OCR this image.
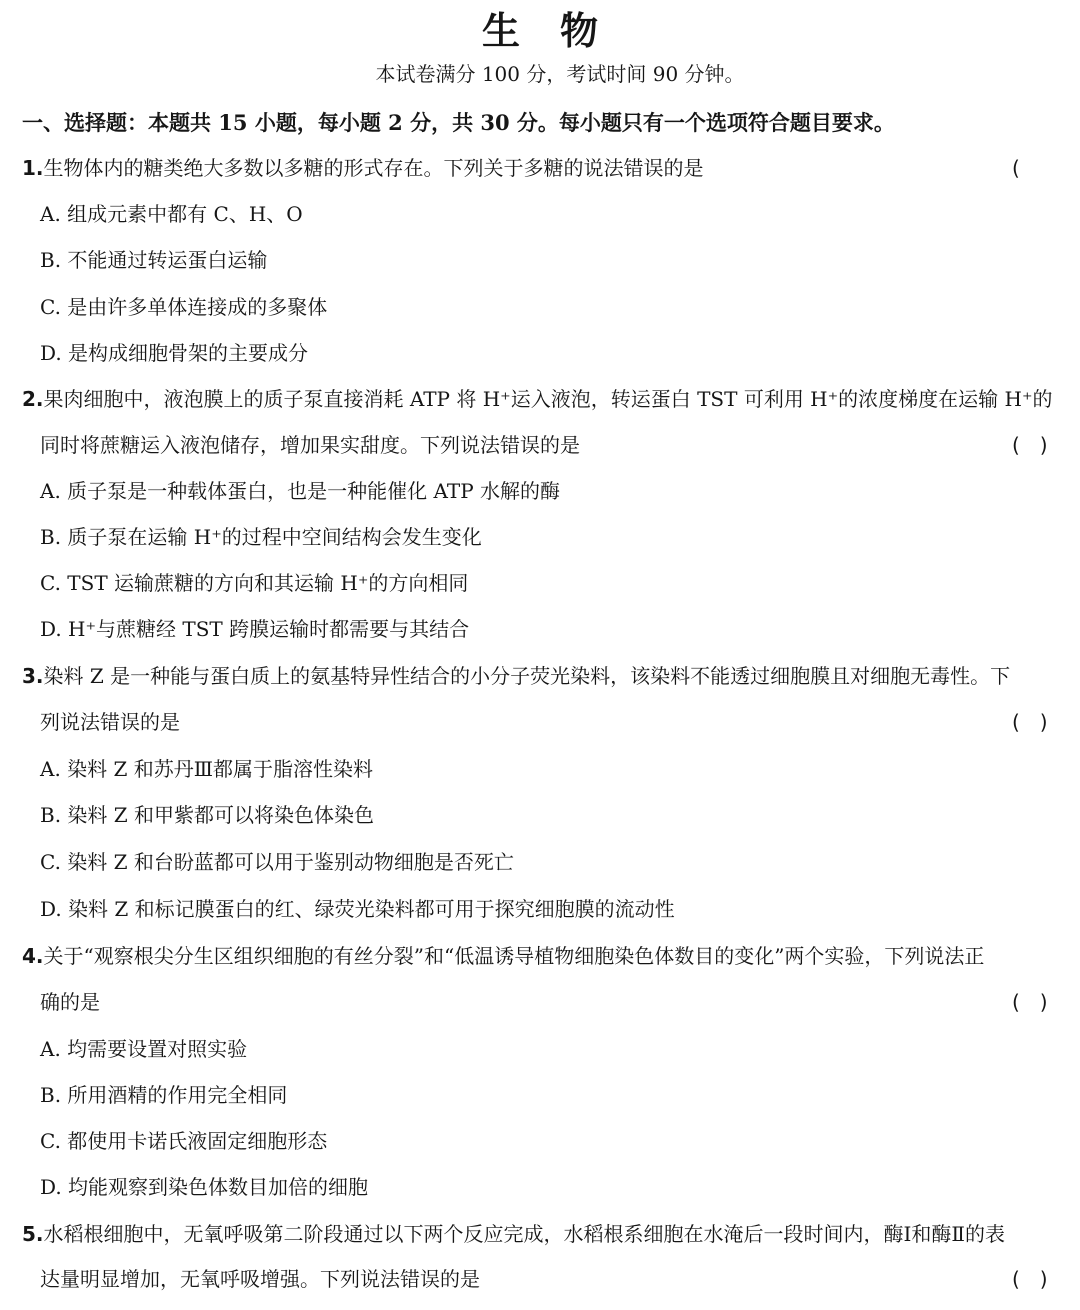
生物
本试卷满分 100 分，考试时间 90 分钟。
一、选择题：本题共 15 小题，每小题 2 分，共 30 分。每小题只有一个选项符合题目要求。
1.生物体内的糖类绝大多数以多糖的形式存在。下列关于多糖的说法错误的是	(
A. 组成元素中都有 C、H、O
B. 不能通过转运蛋白运输
C. 是由许多单体连接成的多聚体
D. 是构成细胞骨架的主要成分
2.果肉细胞中，液泡膜上的质子泵直接消耗 ATP 将 H⁺运入液泡，转运蛋白 TST 可利用 H⁺的浓度梯度在运输 H⁺的
同时将蔗糖运入液泡储存，增加果实甜度。下列说法错误的是	(　)
A. 质子泵是一种载体蛋白，也是一种能催化 ATP 水解的酶
B. 质子泵在运输 H⁺的过程中空间结构会发生变化
C. TST 运输蔗糖的方向和其运输 H⁺的方向相同
D. H⁺与蔗糖经 TST 跨膜运输时都需要与其结合
3.染料 Z 是一种能与蛋白质上的氨基特异性结合的小分子荧光染料，该染料不能透过细胞膜且对细胞无毒性。下
列说法错误的是	(　)
A. 染料 Z 和苏丹Ⅲ都属于脂溶性染料
B. 染料 Z 和甲紫都可以将染色体染色
C. 染料 Z 和台盼蓝都可以用于鉴别动物细胞是否死亡
D. 染料 Z 和标记膜蛋白的红、绿荧光染料都可用于探究细胞膜的流动性
4.关于“观察根尖分生区组织细胞的有丝分裂”和“低温诱导植物细胞染色体数目的变化”两个实验，下列说法正
确的是	(　)
A. 均需要设置对照实验
B. 所用酒精的作用完全相同
C. 都使用卡诺氏液固定细胞形态
D. 均能观察到染色体数目加倍的细胞
5.水稻根细胞中，无氧呼吸第二阶段通过以下两个反应完成，水稻根系细胞在水淹后一段时间内，酶Ⅰ和酶Ⅱ的表
达量明显增加，无氧呼吸增强。下列说法错误的是	(　)
